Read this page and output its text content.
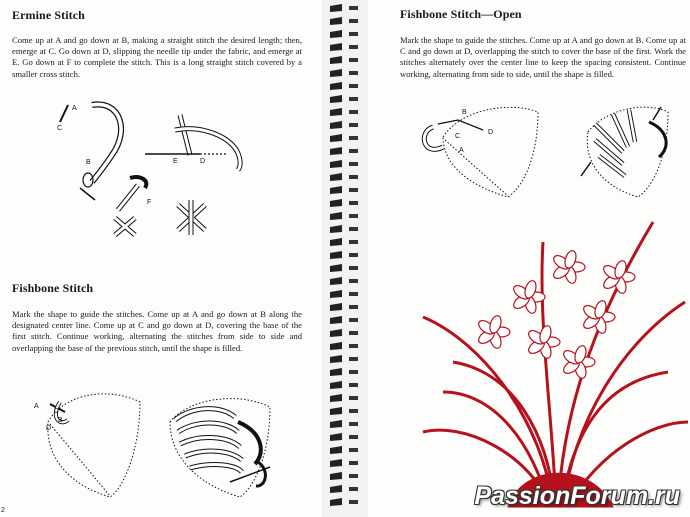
Ermine Stitch
Come up at A and go down at B, making a straight stitch the desired length; then, emerge at C. Go down at D, slipping the needle tip under the fabric, and emerge at E. Go down at F to complete the stitch. This is a long straight stitch covered by a smaller cross stitch.
A
C
B	D
E
F
Fishbone Stitch
Mark the shape to guide the stitches. Come up at A and go down at B along the designated center line. Come up at C and go down at D, covering the base of the first stitch. Continue working, alternating the stitches from side to side and overlapping the base of the previous stitch, until the shape is filled.
A
B
C
D
2
Fishbone Stitch—Open
Mark the shape to guide the stitches. Come up at A and go down at B. Come up at C and go down at D, overlapping the stitch to cover the base of the first. Work the stitches alternately over the center line to keep the spacing consistent. Continue working, alternating from side to side, until the shape is filled.
B
D
C
A
PassionForum.ru
